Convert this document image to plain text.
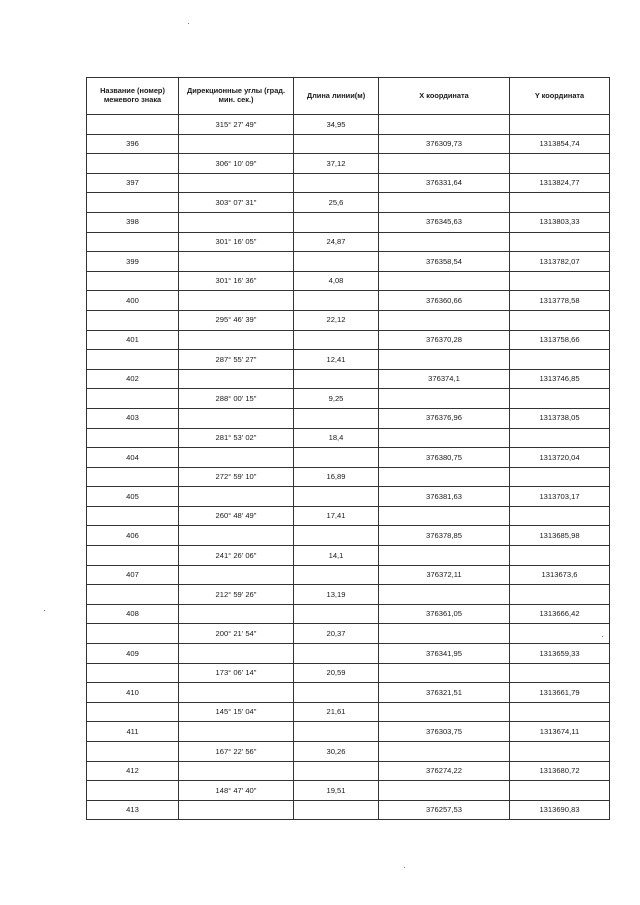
Название (номер) межевого знака	Дирекционные углы (град. мин. сек.)	Длина линии(м)	X координата	Y координата
	315° 27' 49"	34,95		
396			376309,73	1313854,74
	306° 10' 09"	37,12		
397			376331,64	1313824,77
	303° 07' 31"	25,6		
398			376345,63	1313803,33
	301° 16' 05"	24,87		
399			376358,54	1313782,07
	301° 16' 36"	4,08		
400			376360,66	1313778,58
	295° 46' 39"	22,12		
401			376370,28	1313758,66
	287° 55' 27"	12,41		
402			376374,1	1313746,85
	288° 00' 15"	9,25		
403			376376,96	1313738,05
	281° 53' 02"	18,4		
404			376380,75	1313720,04
	272° 59' 10"	16,89		
405			376381,63	1313703,17
	260° 48' 49"	17,41		
406			376378,85	1313685,98
	241° 26' 06"	14,1		
407			376372,11	1313673,6
	212° 59' 26"	13,19		
408			376361,05	1313666,42
	200° 21' 54"	20,37		
409			376341,95	1313659,33
	173° 06' 14"	20,59		
410			376321,51	1313661,79
	145° 15' 04"	21,61		
411			376303,75	1313674,11
	167° 22' 56"	30,26		
412			376274,22	1313680,72
	148° 47' 40"	19,51		
413			376257,53	1313690,83
